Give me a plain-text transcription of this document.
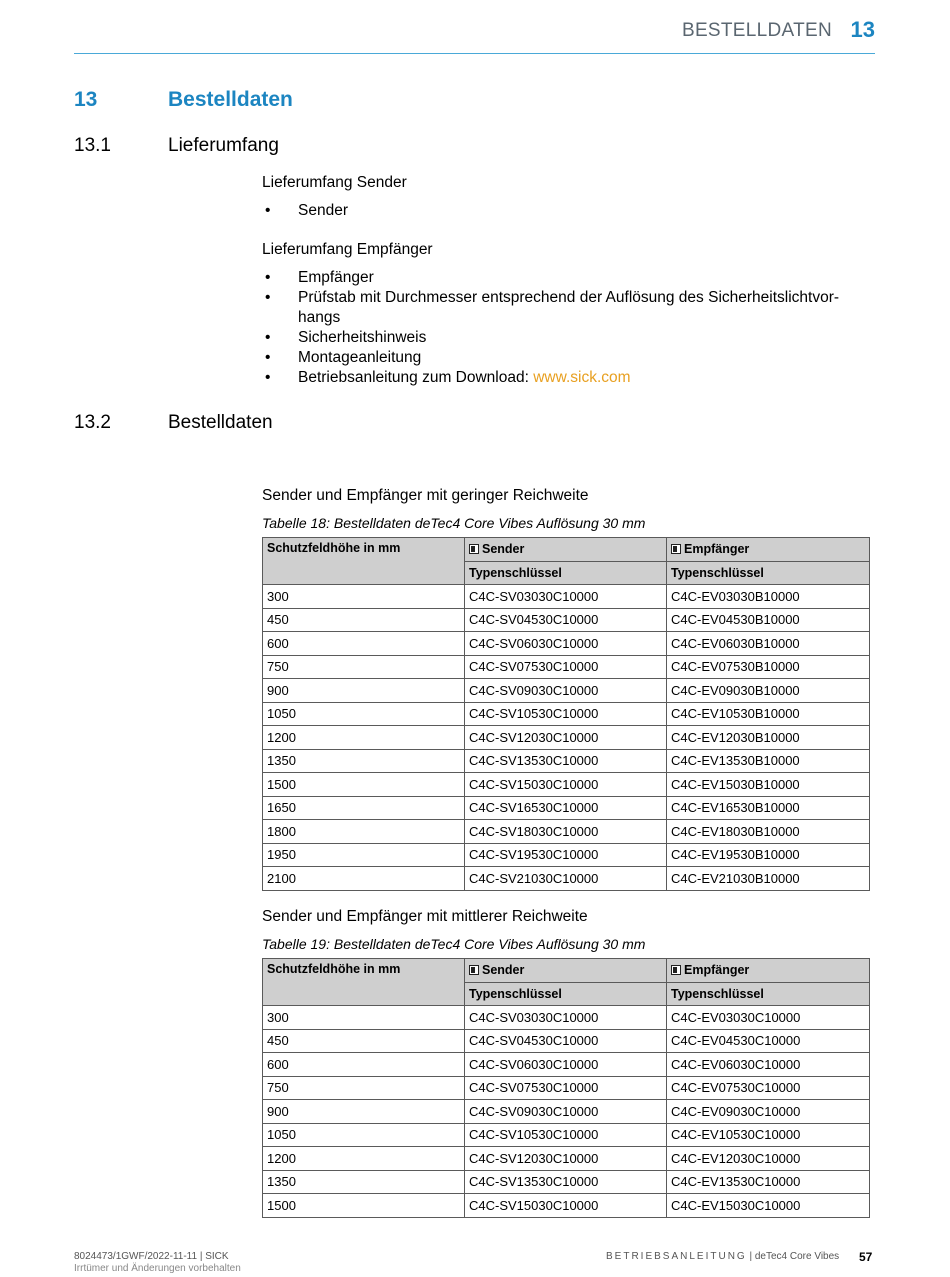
BESTELLDATEN 13
13	Bestelldaten
13.1	Lieferumfang
Lieferumfang Sender
• Sender
Lieferumfang Empfänger
• Empfänger
• Prüfstab mit Durchmesser entsprechend der Auflösung des Sicherheitslichtvor-
hangs
• Sicherheitshinweis
• Montageanleitung
• Betriebsanleitung zum Download: www.sick.com
13.2	Bestelldaten
Sender und Empfänger mit geringer Reichweite
Tabelle 18: Bestelldaten deTec4 Core Vibes Auflösung 30 mm
Schutzfeldhöhe in mm	Sender	Empfänger
	Typenschlüssel	Typenschlüssel
300	C4C-SV03030C10000	C4C-EV03030B10000
450	C4C-SV04530C10000	C4C-EV04530B10000
600	C4C-SV06030C10000	C4C-EV06030B10000
750	C4C-SV07530C10000	C4C-EV07530B10000
900	C4C-SV09030C10000	C4C-EV09030B10000
1050	C4C-SV10530C10000	C4C-EV10530B10000
1200	C4C-SV12030C10000	C4C-EV12030B10000
1350	C4C-SV13530C10000	C4C-EV13530B10000
1500	C4C-SV15030C10000	C4C-EV15030B10000
1650	C4C-SV16530C10000	C4C-EV16530B10000
1800	C4C-SV18030C10000	C4C-EV18030B10000
1950	C4C-SV19530C10000	C4C-EV19530B10000
2100	C4C-SV21030C10000	C4C-EV21030B10000
Sender und Empfänger mit mittlerer Reichweite
Tabelle 19: Bestelldaten deTec4 Core Vibes Auflösung 30 mm
Schutzfeldhöhe in mm	Sender	Empfänger
	Typenschlüssel	Typenschlüssel
300	C4C-SV03030C10000	C4C-EV03030C10000
450	C4C-SV04530C10000	C4C-EV04530C10000
600	C4C-SV06030C10000	C4C-EV06030C10000
750	C4C-SV07530C10000	C4C-EV07530C10000
900	C4C-SV09030C10000	C4C-EV09030C10000
1050	C4C-SV10530C10000	C4C-EV10530C10000
1200	C4C-SV12030C10000	C4C-EV12030C10000
1350	C4C-SV13530C10000	C4C-EV13530C10000
1500	C4C-SV15030C10000	C4C-EV15030C10000
8024473/1GWF/2022-11-11 | SICK
Irrtümer und Änderungen vorbehalten
BETRIEBSANLEITUNG | deTec4 Core Vibes 57
